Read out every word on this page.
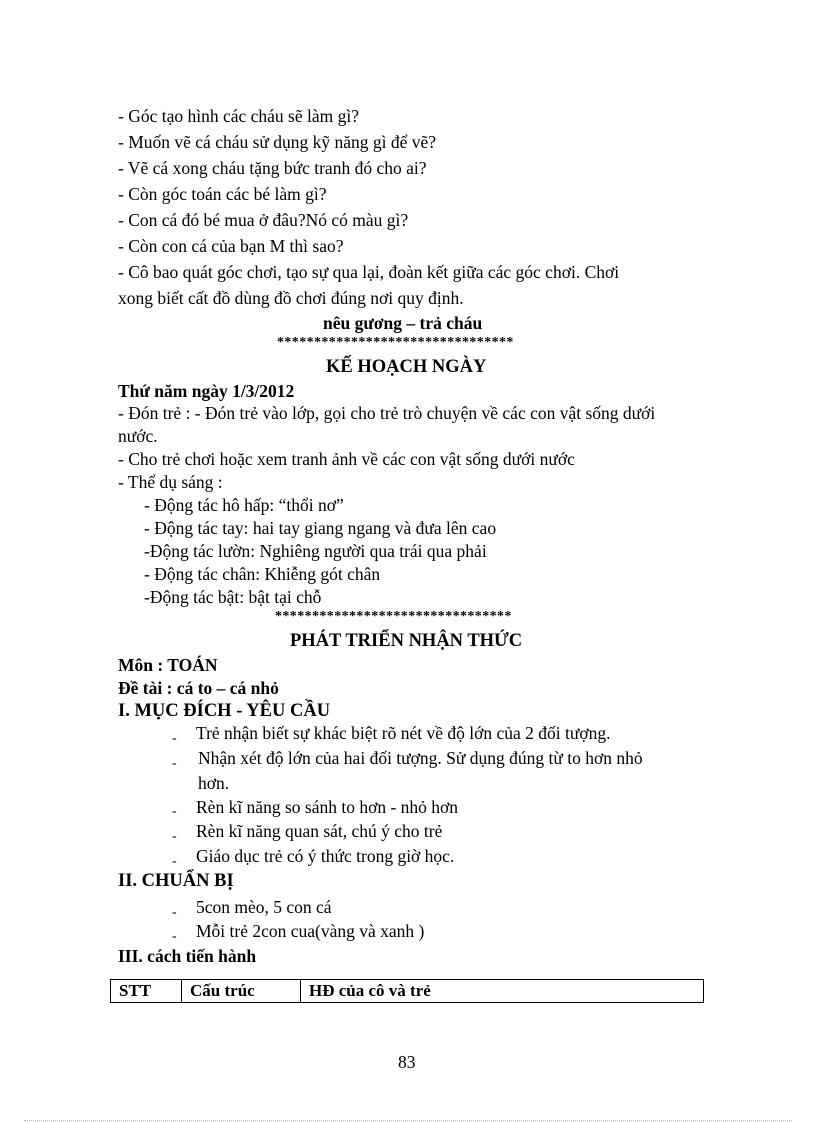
- Góc tạo hình các cháu sẽ làm gì?
- Muốn vẽ cá cháu sử dụng kỹ năng gì để vẽ?
- Vẽ cá xong cháu tặng bức tranh đó cho ai?
- Còn góc toán các bé làm gì?
- Con cá đó bé mua ở đâu?Nó có màu gì?
- Còn con cá của bạn M thì sao?
- Cô bao quát góc chơi, tạo sự qua lại, đoàn kết giữa các góc chơi. Chơi
xong biết cất đồ dùng đồ chơi đúng nơi quy định.
nêu gương – trả cháu
********************************
KẾ HOẠCH NGÀY
Thứ năm ngày 1/3/2012
- Đón trẻ : - Đón trẻ vào lớp, gọi cho trẻ trò chuyện về các con vật sống dưới
nước.
- Cho trẻ chơi hoặc xem tranh ảnh về các con vật sống dưới nước
- Thể dụ sáng :
- Động tác hô hấp: “thổi nơ”
- Động tác tay: hai tay giang ngang và đưa lên cao
-Động tác lườn: Nghiêng người qua trái qua phải
- Động tác chân: Khiễng gót chân
-Động tác bật: bật tại chỗ
********************************
PHÁT TRIỂN NHẬN THỨC
Môn : TOÁN
Đề tài : cá to – cá nhỏ
I. MỤC ĐÍCH - YÊU CẦU
- Trẻ nhận biết sự khác biệt rõ nét về độ lớn của 2 đối tượng.
- Nhận xét độ lớn của hai đối tượng. Sử dụng đúng từ to hơn nhỏ
hơn.
- Rèn kĩ năng so sánh to hơn - nhỏ hơn
- Rèn kĩ năng quan sát, chú ý cho trẻ
- Giáo dục trẻ có ý thức trong giờ học.
II. CHUẨN BỊ
- 5con mèo, 5 con cá
- Mỗi trẻ 2con cua(vàng và xanh )
III. cách tiến hành
STT	Cấu trúc	HĐ của cô và trẻ
83
